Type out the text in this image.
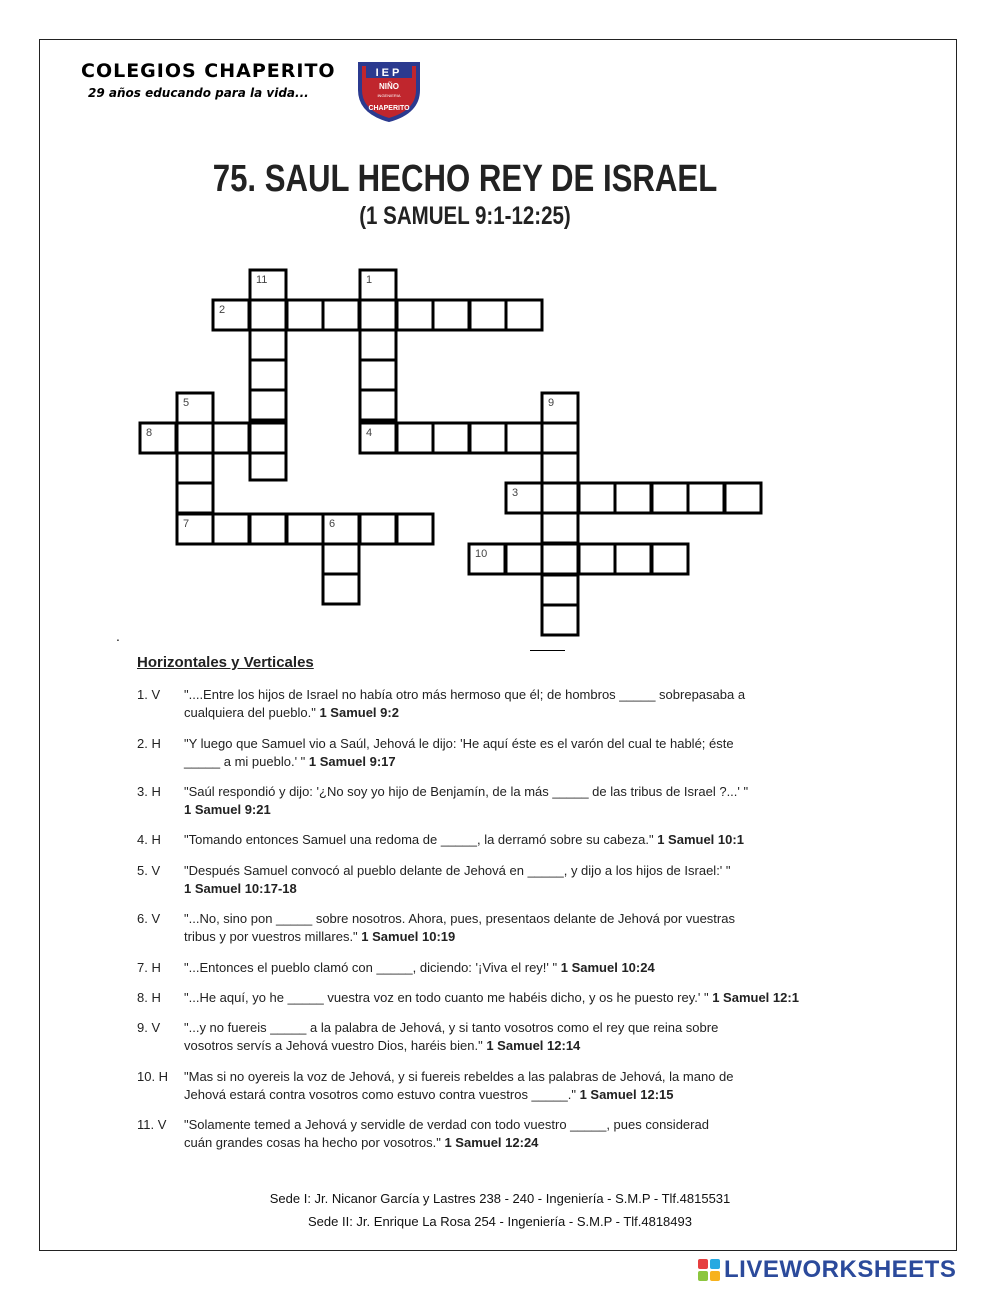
COLEGIOS CHAPERITO
29 años educando para la vida...
IEP
NIÑO
INGENIERIA
CHAPERITO
75. SAUL HECHO REY DE ISRAEL
(1 SAMUEL 9:1-12:25)
11	1
2
5	9
8	4
3
7	6
10
.
Horizontales y Verticales
1. V	"....Entre los hijos de Israel no había otro más hermoso que él; de hombros _____ sobrepasaba a
cualquiera del pueblo." 1 Samuel 9:2
2. H	"Y luego que Samuel vio a Saúl, Jehová le dijo: 'He aquí éste es el varón del cual te hablé; éste
_____ a mi pueblo.' " 1 Samuel 9:17
3. H	"Saúl respondió y dijo: '¿No soy yo hijo de Benjamín, de la más _____ de las tribus de Israel ?...' "
1 Samuel 9:21
4. H	"Tomando entonces Samuel una redoma de _____, la derramó sobre su cabeza." 1 Samuel 10:1
5. V	"Después Samuel convocó al pueblo delante de Jehová en _____, y dijo a los hijos de Israel:' "
1 Samuel 10:17-18
6. V	"...No, sino pon _____ sobre nosotros. Ahora, pues, presentaos delante de Jehová por vuestras
tribus y por vuestros millares." 1 Samuel 10:19
7. H	"...Entonces el pueblo clamó con _____, diciendo: '¡Viva el rey!' " 1 Samuel 10:24
8. H	"...He aquí, yo he _____ vuestra voz en todo cuanto me habéis dicho, y os he puesto rey.' " 1 Samuel 12:1
9. V	"...y no fuereis _____ a la palabra de Jehová, y si tanto vosotros como el rey que reina sobre
vosotros servís a Jehová vuestro Dios, haréis bien." 1 Samuel 12:14
10. H	"Mas si no oyereis la voz de Jehová, y si fuereis rebeldes a las palabras de Jehová, la mano de
Jehová estará contra vosotros como estuvo contra vuestros _____." 1 Samuel 12:15
11. V	"Solamente temed a Jehová y servidle de verdad con todo vuestro _____, pues considerad
cuán grandes cosas ha hecho por vosotros." 1 Samuel 12:24
Sede I: Jr. Nicanor García y Lastres 238 - 240 - Ingeniería - S.M.P - Tlf.4815531
Sede II: Jr. Enrique La Rosa 254 - Ingeniería - S.M.P - Tlf.4818493
LIVEWORKSHEETS
